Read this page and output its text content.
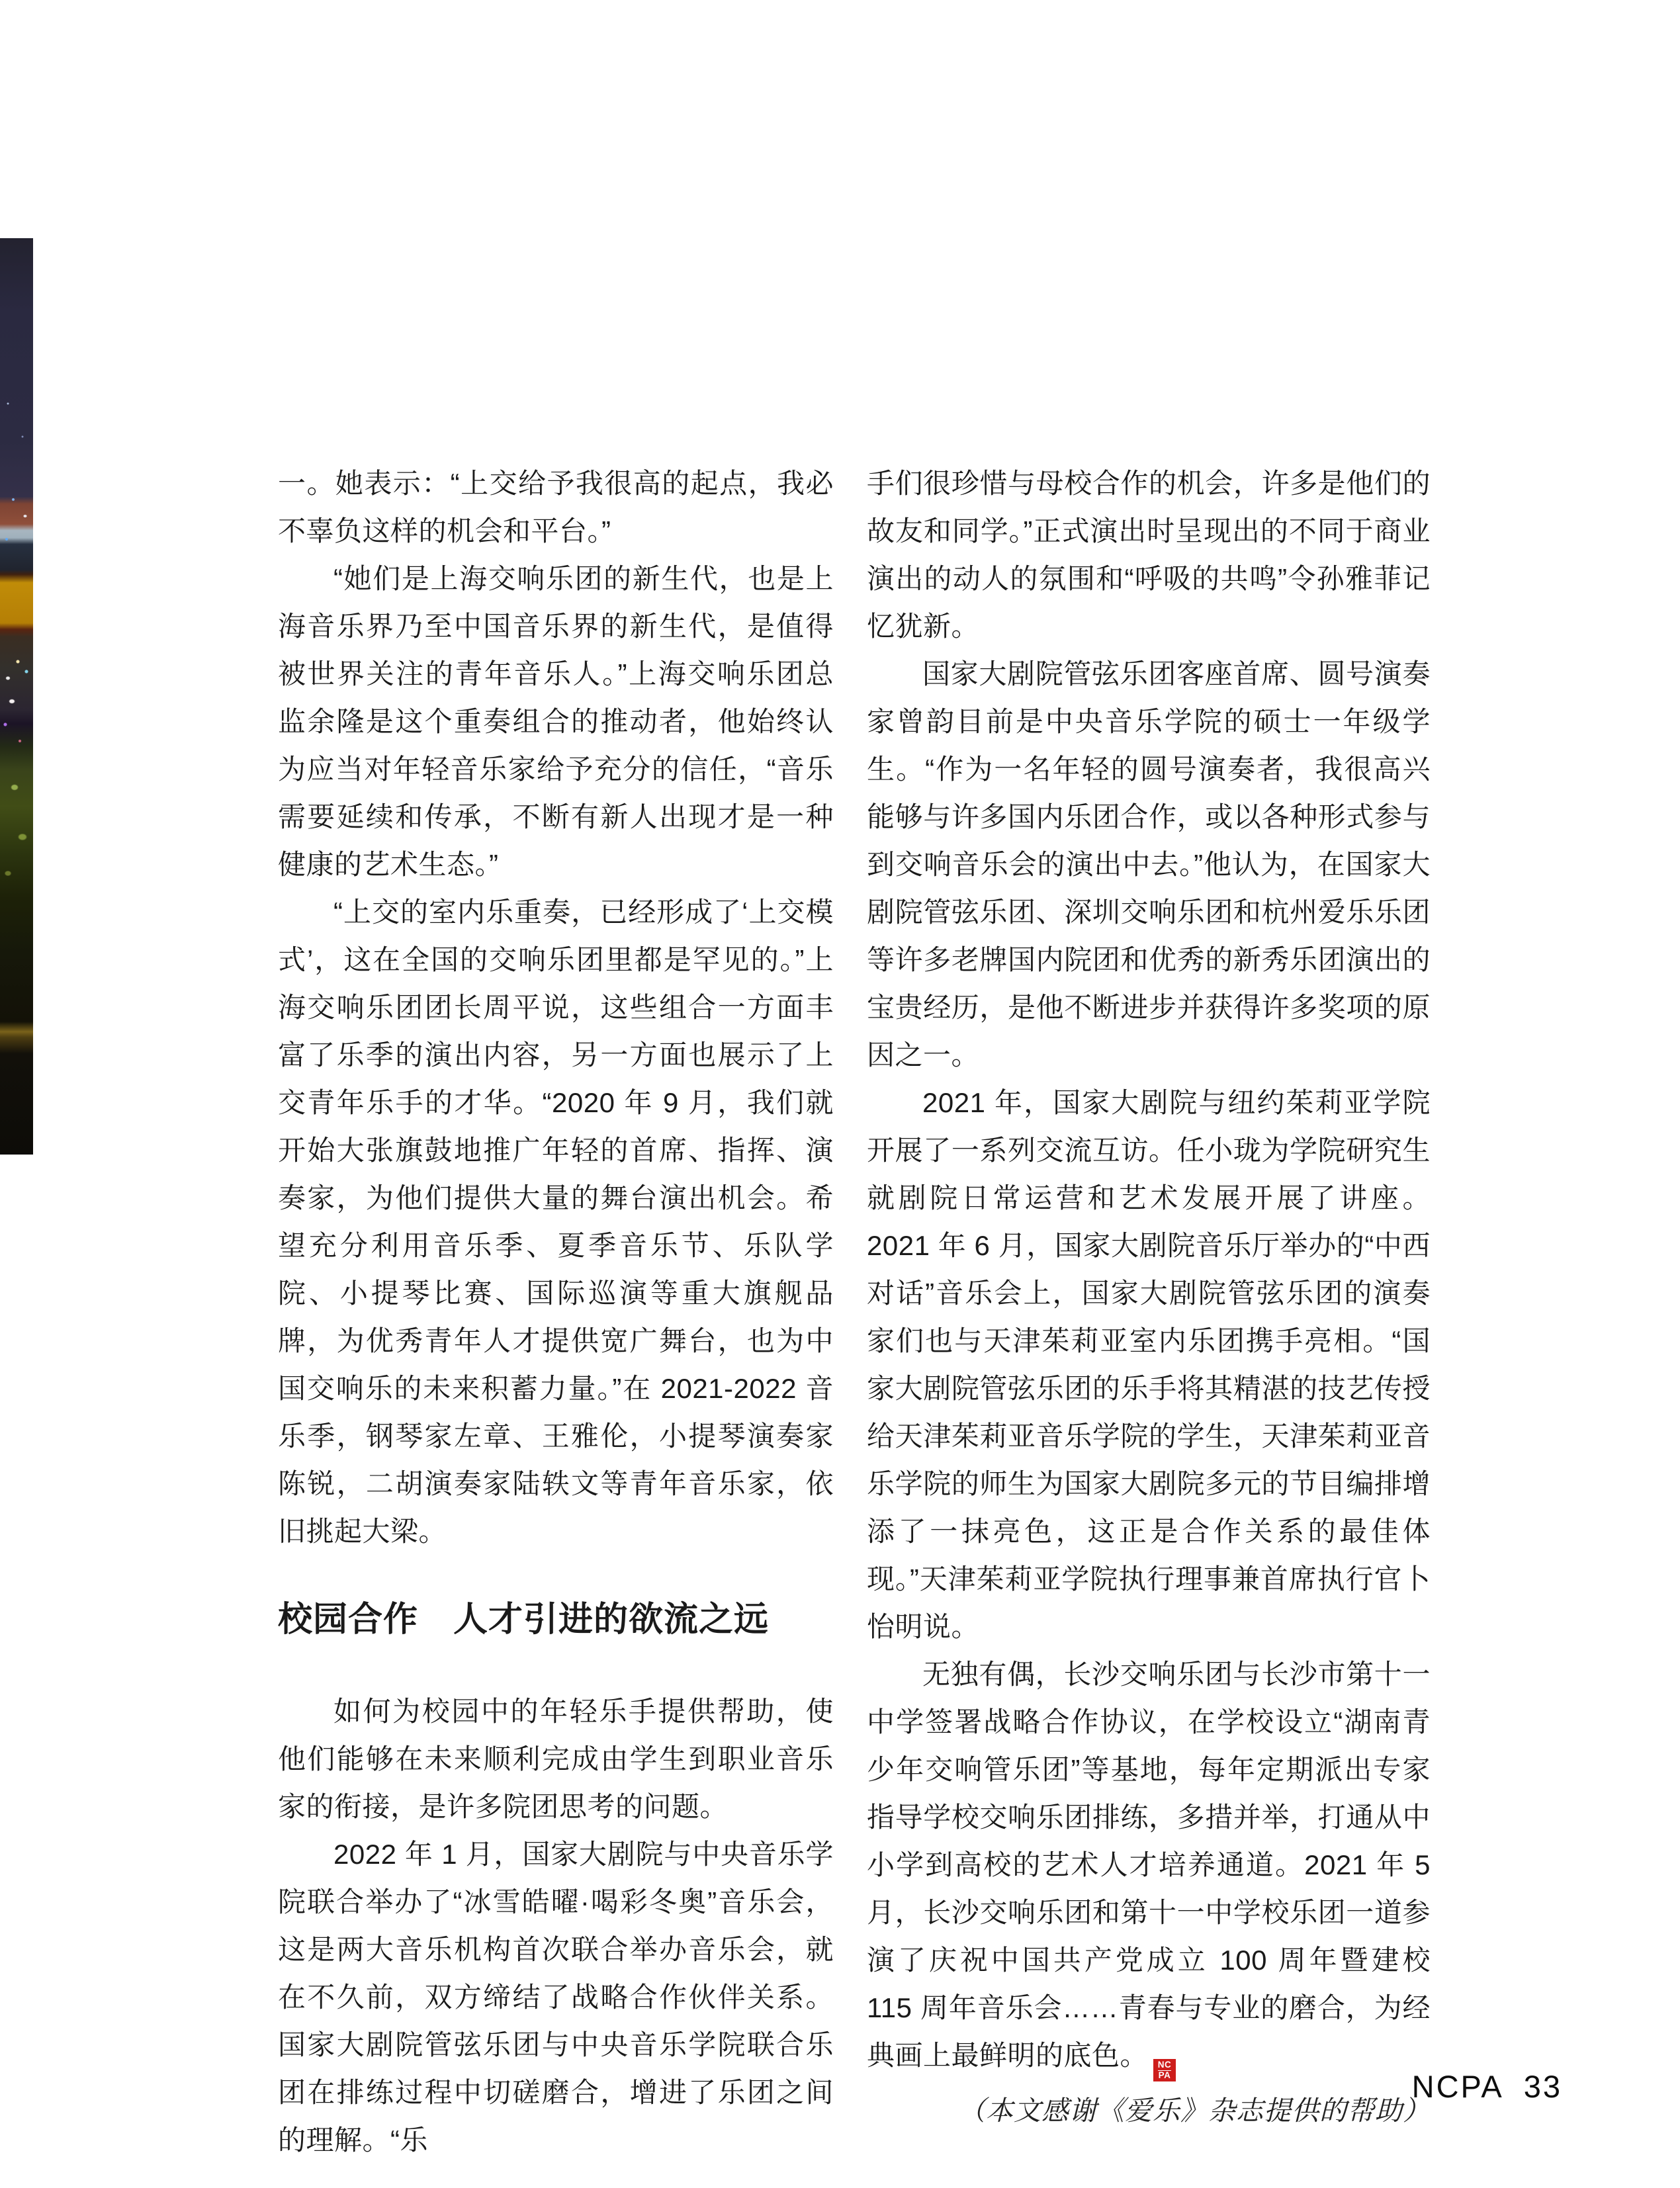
一。她表示：“上交给予我很高的起点，我必不辜负这样的机会和平台。”

“她们是上海交响乐团的新生代，也是上海音乐界乃至中国音乐界的新生代，是值得被世界关注的青年音乐人。”上海交响乐团总监余隆是这个重奏组合的推动者，他始终认为应当对年轻音乐家给予充分的信任，“音乐需要延续和传承，不断有新人出现才是一种健康的艺术生态。”

“上交的室内乐重奏，已经形成了‘上交模式’，这在全国的交响乐团里都是罕见的。”上海交响乐团团长周平说，这些组合一方面丰富了乐季的演出内容，另一方面也展示了上交青年乐手的才华。“2020 年 9 月，我们就开始大张旗鼓地推广年轻的首席、指挥、演奏家，为他们提供大量的舞台演出机会。希望充分利用音乐季、夏季音乐节、乐队学院、小提琴比赛、国际巡演等重大旗舰品牌，为优秀青年人才提供宽广舞台，也为中国交响乐的未来积蓄力量。”在 2021-2022 音乐季，钢琴家左章、王雅伦，小提琴演奏家陈锐，二胡演奏家陆轶文等青年音乐家，依旧挑起大梁。

校园合作　人才引进的欲流之远

如何为校园中的年轻乐手提供帮助，使他们能够在未来顺利完成由学生到职业音乐家的衔接，是许多院团思考的问题。

2022 年 1 月，国家大剧院与中央音乐学院联合举办了“冰雪皓曜·喝彩冬奥”音乐会，这是两大音乐机构首次联合举办音乐会，就在不久前，双方缔结了战略合作伙伴关系。国家大剧院管弦乐团与中央音乐学院联合乐团在排练过程中切磋磨合，增进了乐团之间的理解。“乐

手们很珍惜与母校合作的机会，许多是他们的故友和同学。”正式演出时呈现出的不同于商业演出的动人的氛围和“呼吸的共鸣”令孙雅菲记忆犹新。

国家大剧院管弦乐团客座首席、圆号演奏家曾韵目前是中央音乐学院的硕士一年级学生。“作为一名年轻的圆号演奏者，我很高兴能够与许多国内乐团合作，或以各种形式参与到交响音乐会的演出中去。”他认为，在国家大剧院管弦乐团、深圳交响乐团和杭州爱乐乐团等许多老牌国内院团和优秀的新秀乐团演出的宝贵经历，是他不断进步并获得许多奖项的原因之一。

2021 年，国家大剧院与纽约茱莉亚学院开展了一系列交流互访。任小珑为学院研究生就剧院日常运营和艺术发展开展了讲座。2021 年 6 月，国家大剧院音乐厅举办的“中西对话”音乐会上，国家大剧院管弦乐团的演奏家们也与天津茱莉亚室内乐团携手亮相。“国家大剧院管弦乐团的乐手将其精湛的技艺传授给天津茱莉亚音乐学院的学生，天津茱莉亚音乐学院的师生为国家大剧院多元的节目编排增添了一抹亮色，这正是合作关系的最佳体现。”天津茱莉亚学院执行理事兼首席执行官卜怡明说。

无独有偶，长沙交响乐团与长沙市第十一中学签署战略合作协议，在学校设立“湖南青少年交响管乐团”等基地，每年定期派出专家指导学校交响乐团排练，多措并举，打通从中小学到高校的艺术人才培养通道。2021 年 5 月，长沙交响乐团和第十一中学校乐团一道参演了庆祝中国共产党成立 100 周年暨建校 115 周年音乐会……青春与专业的磨合，为经典画上最鲜明的底色。 $\frac{NC}{PA}$

（本文感谢《爱乐》杂志提供的帮助）

NCPA 33
